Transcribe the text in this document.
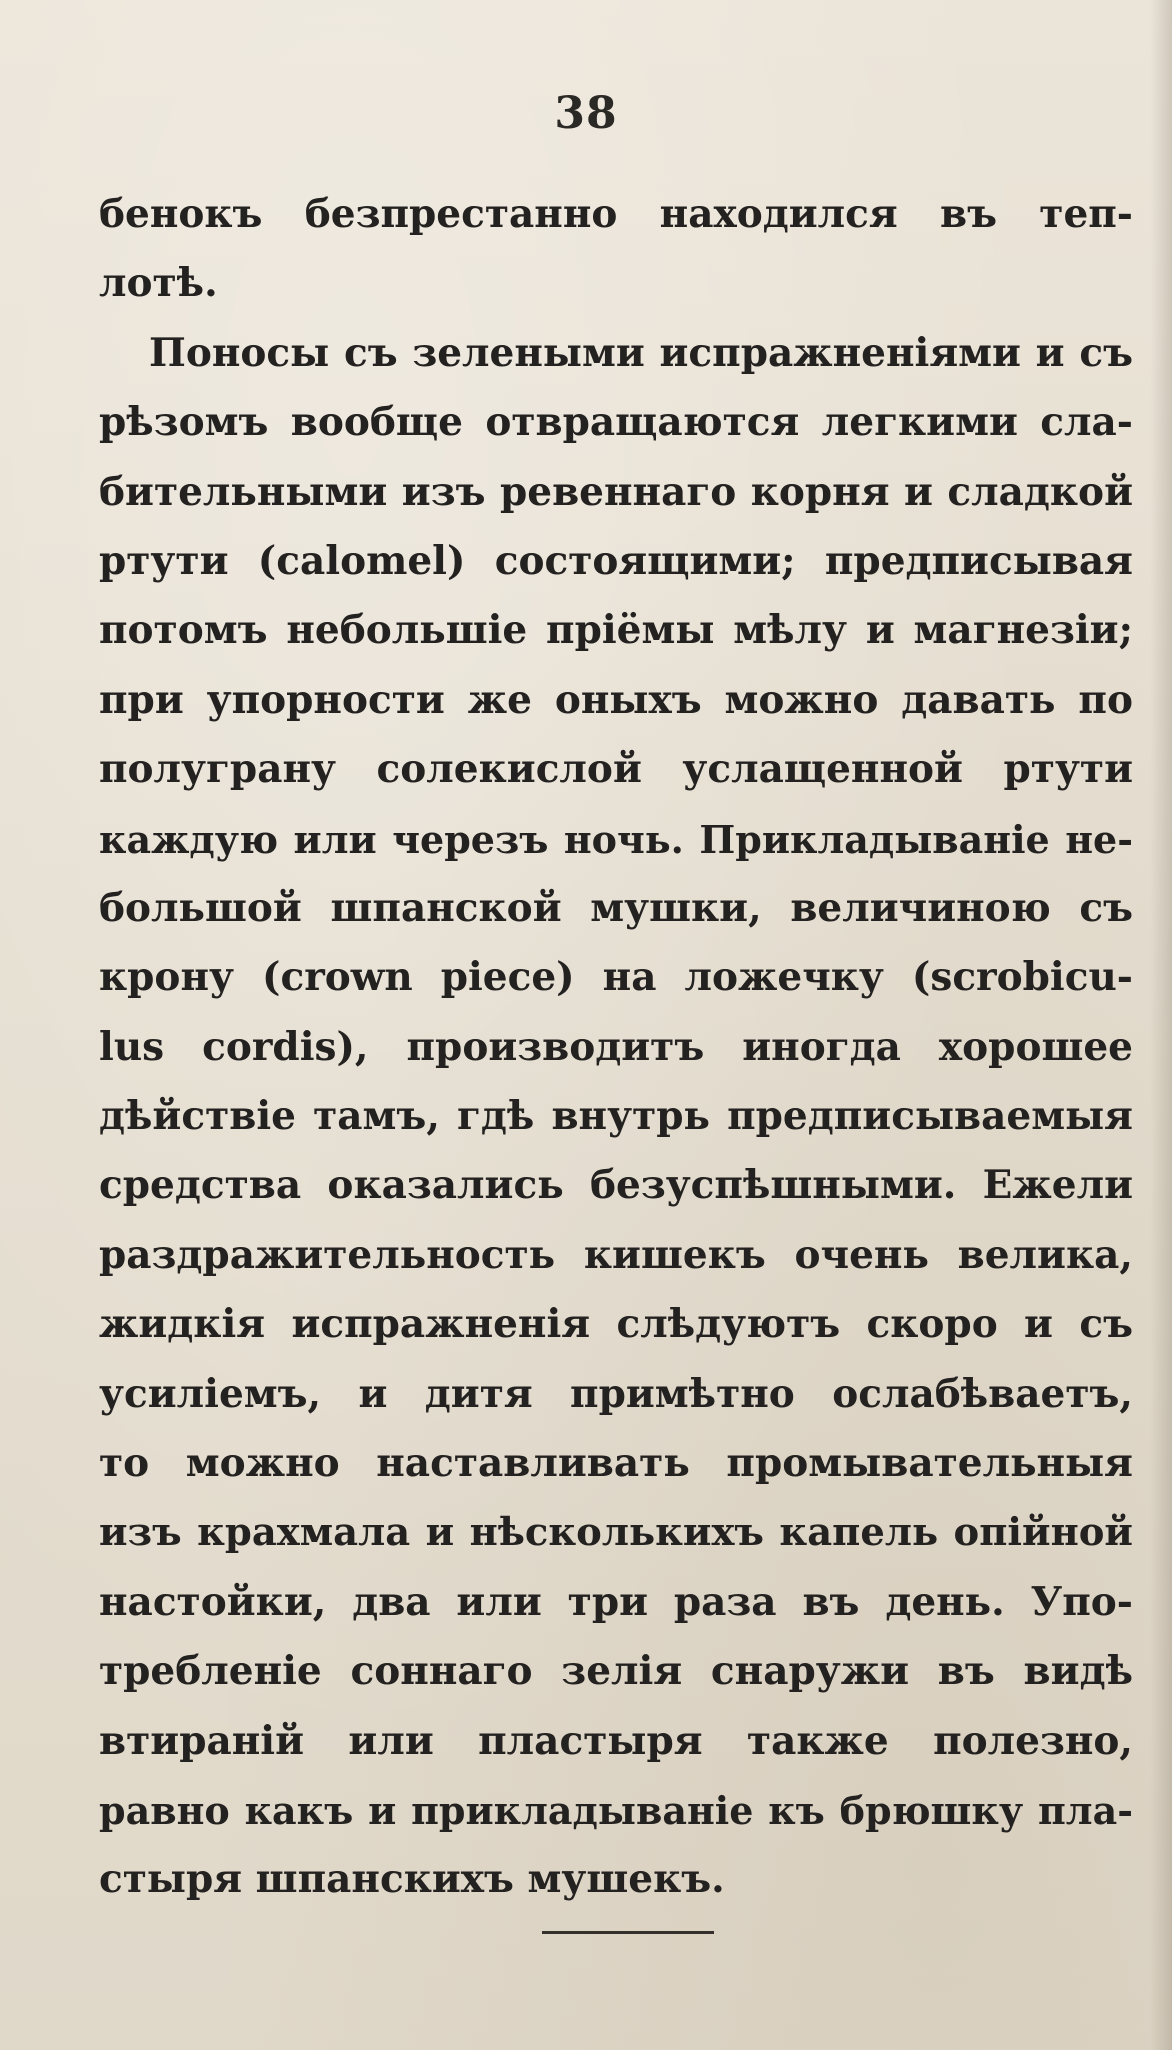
38
бенокъ безпрестанно находился въ теп-
лотѣ.
Поносы съ зелеными испражненіями и съ
рѣзомъ вообще отвращаются легкими сла-
бительными изъ ревеннаго корня и сладкой
ртути (calomel) состоящими; предписывая
потомъ небольшіе пріёмы мѣлу и магнезіи;
при упорности же оныхъ можно давать по
полуграну солекислой услащенной ртути
каждую или черезъ ночь. Прикладываніе не-
большой шпанской мушки, величиною съ
крону (crown piece) на ложечку (scrobicu-
lus cordis), производитъ иногда хорошее
дѣйствіе тамъ, гдѣ внутрь предписываемыя
средства оказались безуспѣшными. Ежели
раздражительность кишекъ очень велика,
жидкія испражненія слѣдуютъ скоро и съ
усиліемъ, и дитя примѣтно ослабѣваетъ,
то можно наставливать промывательныя
изъ крахмала и нѣсколькихъ капель опійной
настойки, два или три раза въ день. Упо-
требленіе соннаго зелія снаружи въ видѣ
втираній или пластыря также полезно,
равно какъ и прикладываніе къ брюшку пла-
стыря шпанскихъ мушекъ.
